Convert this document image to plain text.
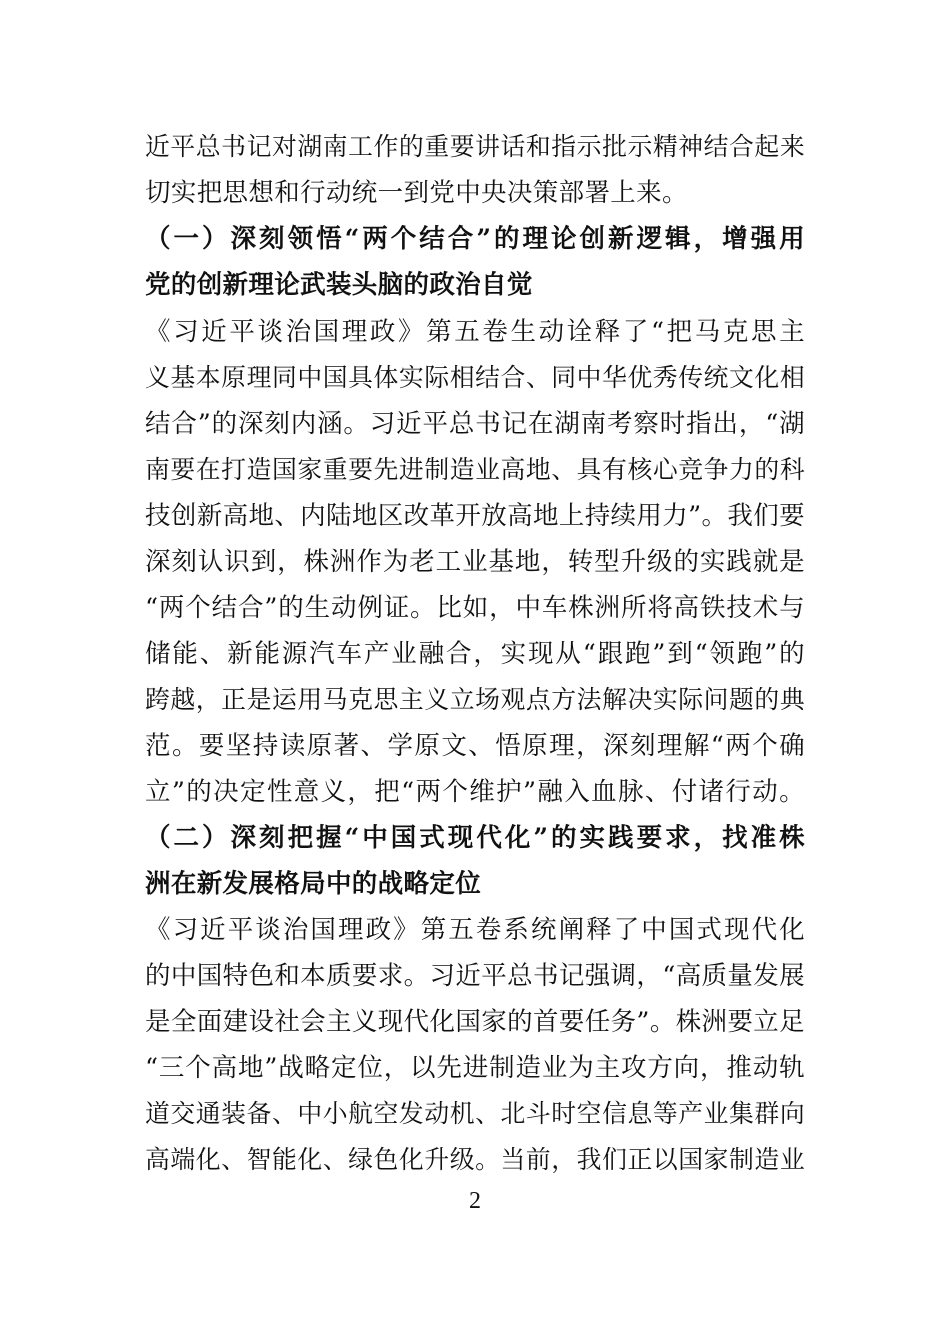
近平总书记对湖南工作的重要讲话和指示批示精神结合起来
切实把思想和行动统一到党中央决策部署上来。
（一）深刻领悟“两个结合”的理论创新逻辑，增强用
党的创新理论武装头脑的政治自觉
《习近平谈治国理政》第五卷生动诠释了“把马克思主
义基本原理同中国具体实际相结合、同中华优秀传统文化相
结合”的深刻内涵。习近平总书记在湖南考察时指出，“湖
南要在打造国家重要先进制造业高地、具有核心竞争力的科
技创新高地、内陆地区改革开放高地上持续用力”。我们要
深刻认识到，株洲作为老工业基地，转型升级的实践就是
“两个结合”的生动例证。比如，中车株洲所将高铁技术与
储能、新能源汽车产业融合，实现从“跟跑”到“领跑”的
跨越，正是运用马克思主义立场观点方法解决实际问题的典
范。要坚持读原著、学原文、悟原理，深刻理解“两个确
立”的决定性意义，把“两个维护”融入血脉、付诸行动。
（二）深刻把握“中国式现代化”的实践要求，找准株
洲在新发展格局中的战略定位
《习近平谈治国理政》第五卷系统阐释了中国式现代化
的中国特色和本质要求。习近平总书记强调，“高质量发展
是全面建设社会主义现代化国家的首要任务”。株洲要立足
“三个高地”战略定位，以先进制造业为主攻方向，推动轨
道交通装备、中小航空发动机、北斗时空信息等产业集群向
高端化、智能化、绿色化升级。当前，我们正以国家制造业
2
